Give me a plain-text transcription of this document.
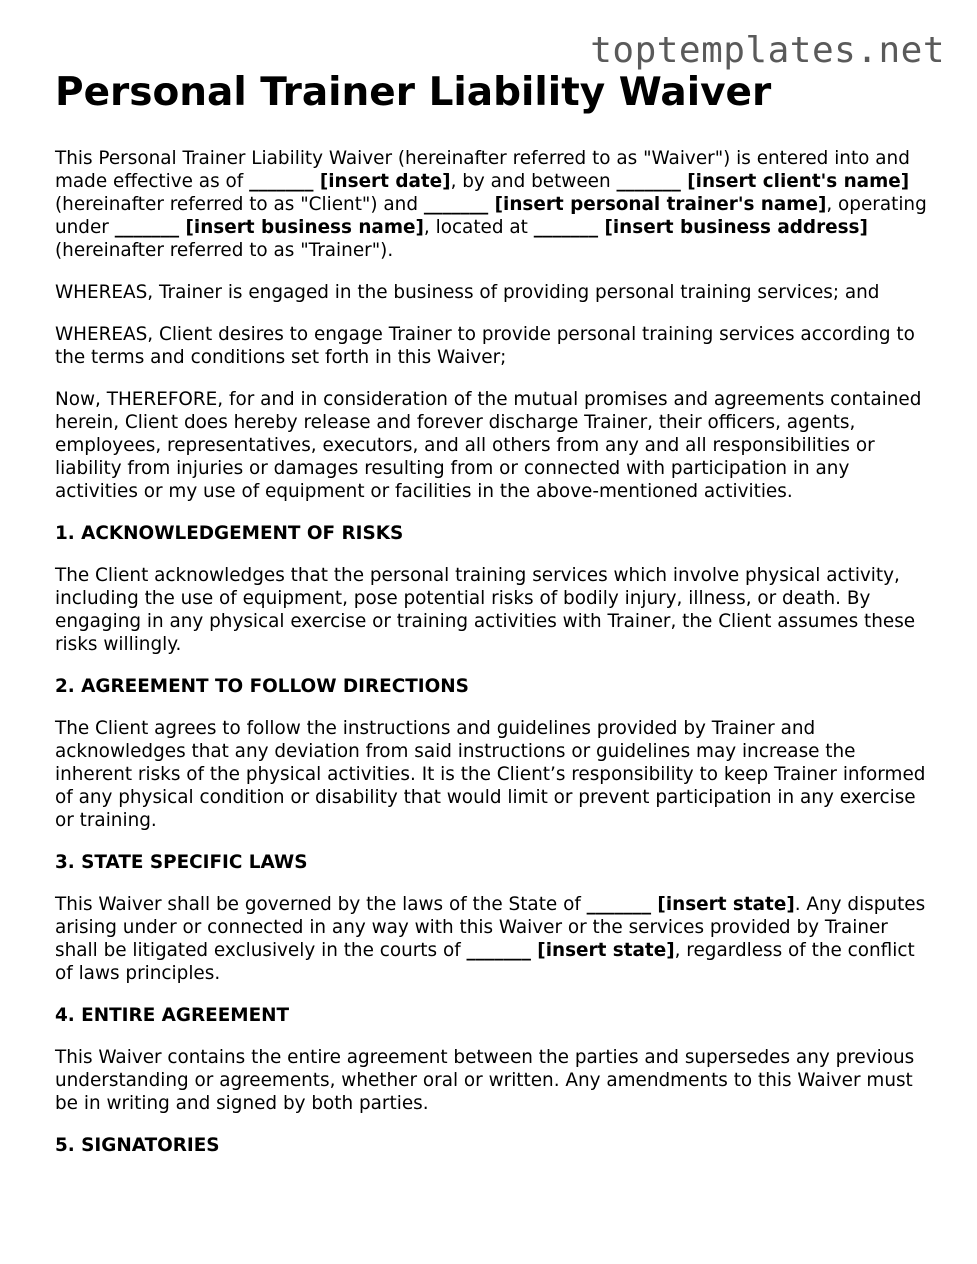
toptemplates.net
Personal Trainer Liability Waiver

This Personal Trainer Liability Waiver (hereinafter referred to as "Waiver") is entered into and made effective as of _______ [insert date], by and between _______ [insert client's name] (hereinafter referred to as "Client") and _______ [insert personal trainer's name], operating under _______ [insert business name], located at _______ [insert business address] (hereinafter referred to as "Trainer").

WHEREAS, Trainer is engaged in the business of providing personal training services; and

WHEREAS, Client desires to engage Trainer to provide personal training services according to the terms and conditions set forth in this Waiver;

Now, THEREFORE, for and in consideration of the mutual promises and agreements contained herein, Client does hereby release and forever discharge Trainer, their officers, agents, employees, representatives, executors, and all others from any and all responsibilities or liability from injuries or damages resulting from or connected with participation in any activities or my use of equipment or facilities in the above-mentioned activities.

1. ACKNOWLEDGEMENT OF RISKS

The Client acknowledges that the personal training services which involve physical activity, including the use of equipment, pose potential risks of bodily injury, illness, or death. By engaging in any physical exercise or training activities with Trainer, the Client assumes these risks willingly.

2. AGREEMENT TO FOLLOW DIRECTIONS

The Client agrees to follow the instructions and guidelines provided by Trainer and acknowledges that any deviation from said instructions or guidelines may increase the inherent risks of the physical activities. It is the Client’s responsibility to keep Trainer informed of any physical condition or disability that would limit or prevent participation in any exercise or training.

3. STATE SPECIFIC LAWS

This Waiver shall be governed by the laws of the State of _______ [insert state]. Any disputes arising under or connected in any way with this Waiver or the services provided by Trainer shall be litigated exclusively in the courts of _______ [insert state], regardless of the conflict of laws principles.

4. ENTIRE AGREEMENT

This Waiver contains the entire agreement between the parties and supersedes any previous understanding or agreements, whether oral or written. Any amendments to this Waiver must be in writing and signed by both parties.

5. SIGNATORIES
